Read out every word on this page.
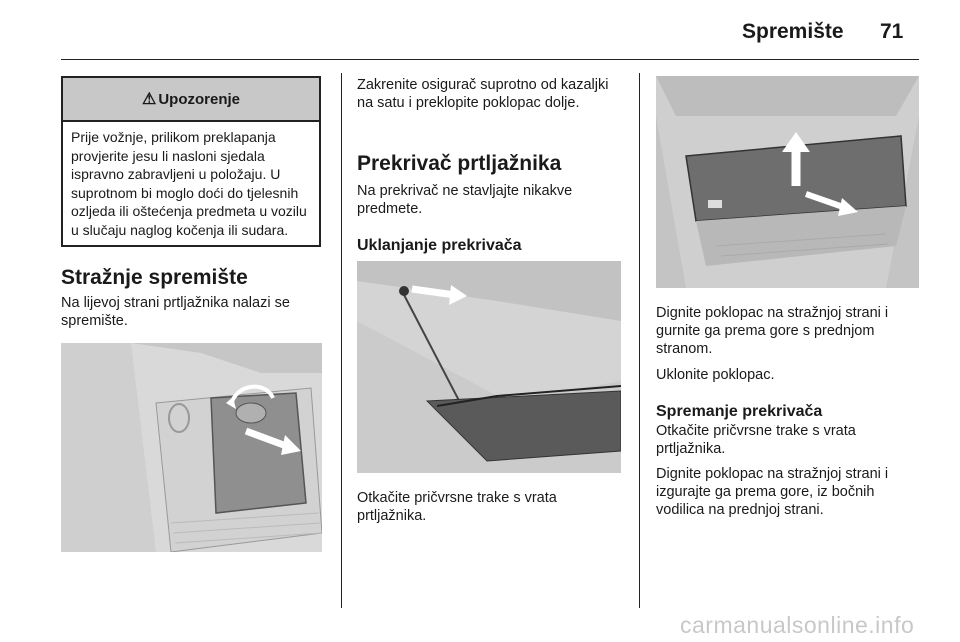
Spremište 71
⚠ Upozorenje
Prije vožnje, prilikom preklapanja provjerite jesu li nasloni sjedala ispravno zabravljeni u položaju. U suprotnom bi moglo doći do tjelesnih ozljeda ili oštećenja predmeta u vozilu u slučaju naglog kočenja ili sudara.
Stražnje spremište

Na lijevoj strani prtljažnika nalazi se spremište.

Zakrenite osigurač suprotno od kazaljki na satu i preklopite poklopac dolje.

Prekrivač prtljažnika

Na prekrivač ne stavljajte nikakve predmete.

Uklanjanje prekrivača

Otkačite pričvrsne trake s vrata prtljažnika.

Dignite poklopac na stražnjoj strani i gurnite ga prema gore s prednjom stranom.

Uklonite poklopac.

Spremanje prekrivača

Otkačite pričvrsne trake s vrata prtljažnika.

Dignite poklopac na stražnjoj strani i izgurajte ga prema gore, iz bočnih vodilica na prednjoj strani.

carmanualsonline.info
